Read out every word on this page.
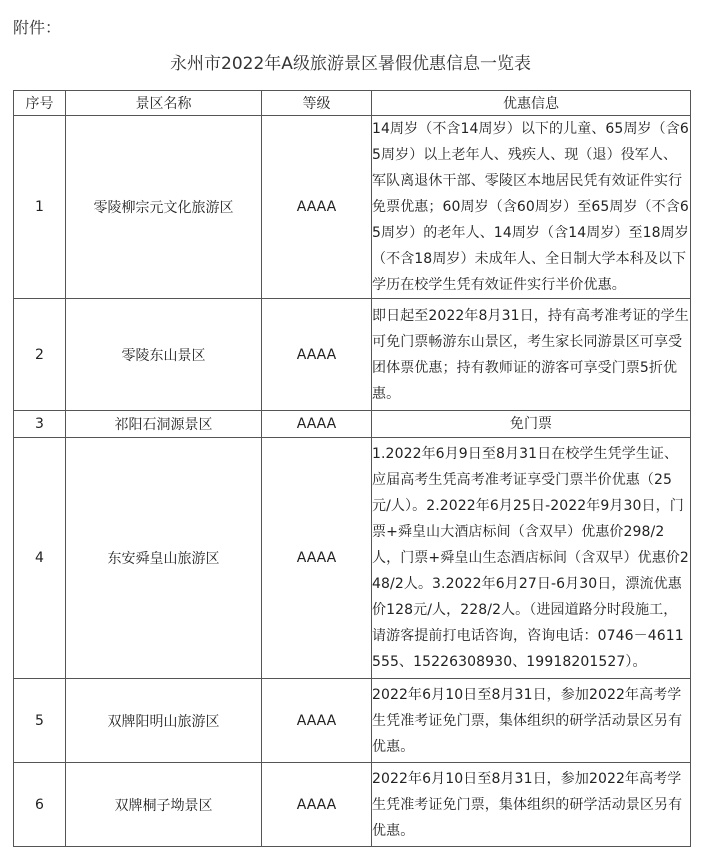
附件：
永州市2022年A级旅游景区暑假优惠信息一览表
序号	景区名称	等级	优惠信息
1	零陵柳宗元文化旅游区	AAAA	14周岁（不含14周岁）以下的儿童、65周岁（含65周岁）以上老年人、残疾人、现（退）役军人、军队离退休干部、零陵区本地居民凭有效证件实行免票优惠；60周岁（含60周岁）至65周岁（不含65周岁）的老年人、14周岁（含14周岁）至18周岁（不含18周岁）未成年人、全日制大学本科及以下学历在校学生凭有效证件实行半价优惠。
2	零陵东山景区	AAAA	即日起至2022年8月31日，持有高考准考证的学生可免门票畅游东山景区，考生家长同游景区可享受团体票优惠；持有教师证的游客可享受门票5折优惠。
3	祁阳石洞源景区	AAAA	免门票
4	东安舜皇山旅游区	AAAA	1.2022年6月9日至8月31日在校学生凭学生证、应届高考生凭高考准考证享受门票半价优惠（25元/人）。2.2022年6月25日-2022年9月30日，门票+舜皇山大酒店标间（含双早）优惠价298/2人，门票+舜皇山生态酒店标间（含双早）优惠价248/2人。3.2022年6月27日-6月30日，漂流优惠价128元/人，228/2人。（进园道路分时段施工，请游客提前打电话咨询，咨询电话：0746－4611555、15226308930、19918201527）。
5	双牌阳明山旅游区	AAAA	2022年6月10日至8月31日，参加2022年高考学生凭准考证免门票，集体组织的研学活动景区另有优惠。
6	双牌桐子坳景区	AAAA	2022年6月10日至8月31日，参加2022年高考学生凭准考证免门票，集体组织的研学活动景区另有优惠。
